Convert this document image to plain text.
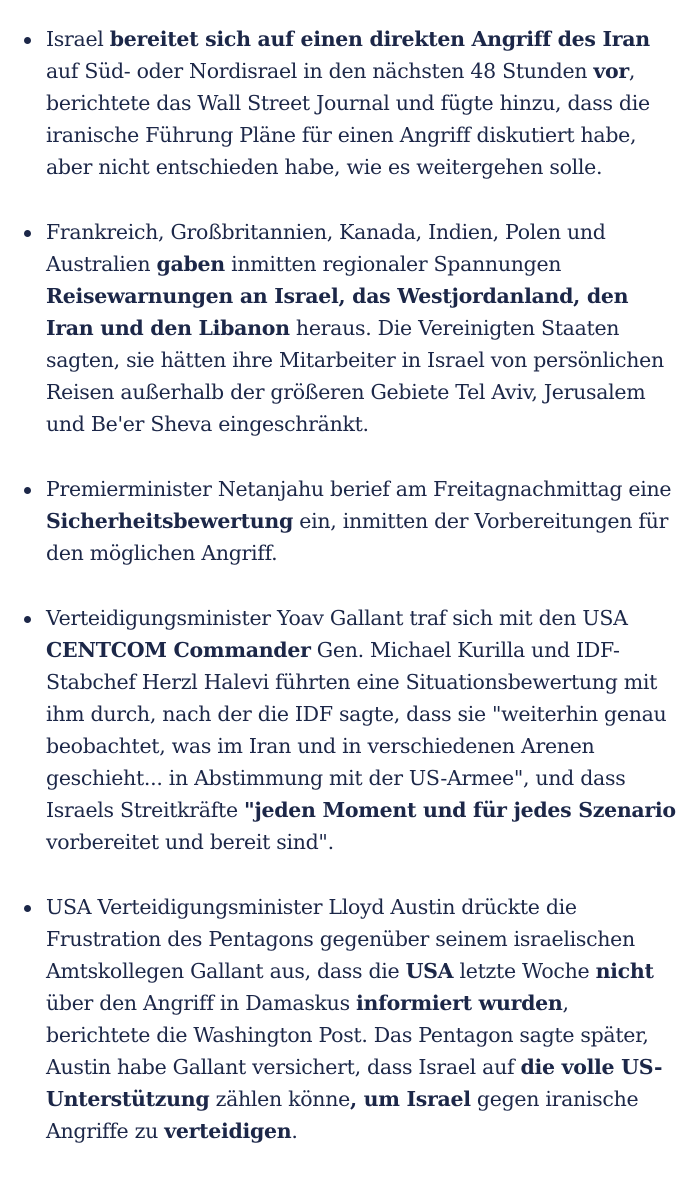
Israel bereitet sich auf einen direkten Angriff des Iran auf Süd- oder Nordisrael in den nächsten 48 Stunden vor, berichtete das Wall Street Journal und fügte hinzu, dass die iranische Führung Pläne für einen Angriff diskutiert habe, aber nicht entschieden habe, wie es weitergehen solle.
Frankreich, Großbritannien, Kanada, Indien, Polen und Australien gaben inmitten regionaler Spannungen Reisewarnungen an Israel, das Westjordanland, den Iran und den Libanon heraus. Die Vereinigten Staaten sagten, sie hätten ihre Mitarbeiter in Israel von persönlichen Reisen außerhalb der größeren Gebiete Tel Aviv, Jerusalem und Be'er Sheva eingeschränkt.
Premierminister Netanjahu berief am Freitagnachmittag eine Sicherheitsbewertung ein, inmitten der Vorbereitungen für den möglichen Angriff.
Verteidigungsminister Yoav Gallant traf sich mit den USA CENTCOM Commander Gen. Michael Kurilla und IDF-Stabchef Herzl Halevi führten eine Situationsbewertung mit ihm durch, nach der die IDF sagte, dass sie "weiterhin genau beobachtet, was im Iran und in verschiedenen Arenen geschieht... in Abstimmung mit der US-Armee", und dass Israels Streitkräfte "jeden Moment und für jedes Szenario vorbereitet und bereit sind".
USA Verteidigungsminister Lloyd Austin drückte die Frustration des Pentagons gegenüber seinem israelischen Amtskollegen Gallant aus, dass die USA letzte Woche nicht über den Angriff in Damaskus informiert wurden, berichtete die Washington Post. Das Pentagon sagte später, Austin habe Gallant versichert, dass Israel auf die volle US-Unterstützung zählen könne, um Israel gegen iranische Angriffe zu verteidigen.
